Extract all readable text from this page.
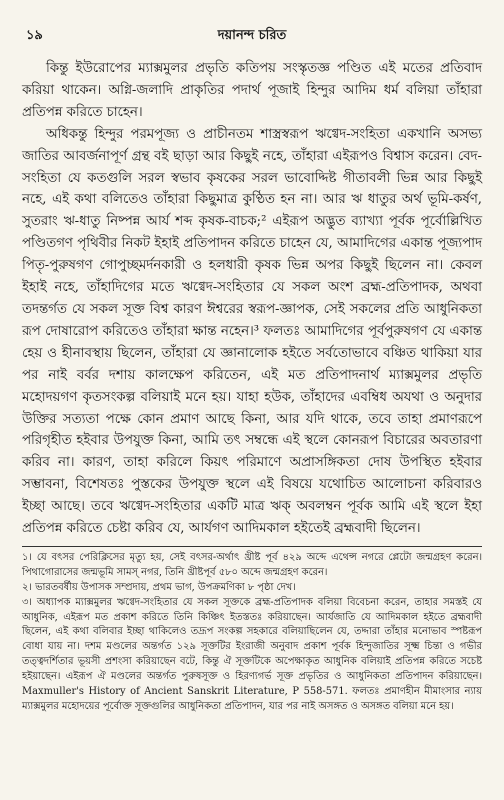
১৯	দয়ানন্দ চরিত

কিন্তু ইউরোপের ম্যাক্সমুলর প্রভৃতি কতিপয় সংস্কৃতজ্ঞ পণ্ডিত এই মতের প্রতিবাদ করিয়া থাকেন। অগ্নি-জলাদি প্রাকৃতির পদার্থ পূজাই হিন্দুর আদিম ধর্ম বলিয়া তাঁহারা প্রতিপন্ন করিতে চাহেন।

অধিকন্তু হিন্দুর পরমপূজ্য ও প্রাচীনতম শাস্ত্রস্বরূপ ঋগ্বেদ-সংহিতা একখানি অসভ্য জাতির আবর্জনাপূর্ণ গ্রন্থ বই ছাড়া আর কিছুই নহে, তাঁহারা এইরূপও বিশ্বাস করেন। বেদ-সংহিতা যে কতগুলি সরল স্বভাব কৃষকের সরল ভাবোদ্দিষ্ট গীতাবলী ভিন্ন আর কিছুই নহে, এই কথা বলিতেও তাঁহারা কিছুমাত্র কুণ্ঠিত হন না। আর ঋ ধাতুর অর্থ ভূমি-কর্ষণ, সুতরাং ঋ-ধাতু নিষ্পন্ন আর্য শব্দ কৃষক-বাচক;² এইরূপ অদ্ভুত ব্যাখ্যা পূর্বক পূর্বোল্লিখিত পণ্ডিতগণ পৃথিবীর নিকট ইহাই প্রতিপাদন করিতে চাহেন যে, আমাদিগের একান্ত পূজ্যপাদ পিতৃ-পুরুষগণ গোপুচ্ছমর্দনকারী ও হলধারী কৃষক ভিন্ন অপর কিছুই ছিলেন না। কেবল ইহাই নহে, তাঁহাদিগের মতে ঋগ্বেদ-সংহিতার যে সকল অংশ ব্রহ্ম-প্রতিপাদক, অথবা তদন্তর্গত যে সকল সূক্ত বিশ্ব কারণ ঈশ্বরের স্বরূপ-জ্ঞাপক, সেই সকলের প্রতি আধুনিকতা রূপ দোষারোপ করিতেও তাঁহারা ক্ষান্ত নহেন।³ ফলতঃ আমাদিগের পূর্বপুরুষগণ যে একান্ত হেয় ও হীনাবস্থায় ছিলেন, তাঁহারা যে জ্ঞানালোক হইতে সর্বতোভাবে বঞ্চিত থাকিয়া যার পর নাই বর্বর দশায় কালক্ষেপ করিতেন, এই মত প্রতিপাদনার্থ ম্যাক্সমুলর প্রভৃতি মহোদয়গণ কৃতসংকল্প বলিয়াই মনে হয়। যাহা হউক, তাঁহাদের এবম্বিধ অযথা ও অনুদার উক্তির সত্যতা পক্ষে কোন প্রমাণ আছে কিনা, আর যদি থাকে, তবে তাহা প্রমাণরূপে পরিগৃহীত হইবার উপযুক্ত কিনা, আমি তৎ সম্বন্ধে এই স্থলে কোনরূপ বিচারের অবতারণা করিব না। কারণ, তাহা করিলে কিয়ৎ পরিমাণে অপ্রাসঙ্গিকতা দোষ উপস্থিত হইবার সম্ভাবনা, বিশেষতঃ পুস্তকের উপযুক্ত স্থলে এই বিষয়ে যথোচিত আলোচনা করিবারও ইচ্ছা আছে। তবে ঋগ্বেদ-সংহিতার একটি মাত্র ঋক্ অবলম্বন পূর্বক আমি এই স্থলে ইহা প্রতিপন্ন করিতে চেষ্টা করিব যে, আর্যগণ আদিমকাল হইতেই ব্রহ্মবাদী ছিলেন।

১। যে বৎসর পেরিক্লিসের মৃত্যু হয়, সেই বৎসর-অর্থাৎ খ্রীষ্ট পূর্ব ৪২৯ অব্দে এথেন্স নগরে প্লেটো জন্মগ্রহণ করেন। পিথাগোরাসের জন্মভূমি সামস্ নগর, তিনি খ্রীষ্টপূর্ব ৫৮০ অব্দে জন্মগ্রহণ করেন।

২। ভারতবর্ষীয় উপাসক সম্প্রদায়, প্রথম ভাগ, উপক্রমণিকা ৮ পৃষ্ঠা দেখ।

৩। অধ্যাপক ম্যাক্সমুলর ঋগ্বেদ-সংহিতার যে সকল সূক্তকে ব্রহ্ম-প্রতিপাদক বলিয়া বিবেচনা করেন, তাহার সমস্তই যে আধুনিক, এইরূপ মত প্রকাশ করিতে তিনি কিঞ্চিৎ ইতস্ততঃ করিয়াছেন। আর্যজাতি যে আদিমকাল হইতে ব্রহ্মবাদী ছিলেন, এই কথা বলিবার ইচ্ছা থাকিলেও তদ্রূপ সংকল্প সহকারে বলিয়াছিলেন যে, তদ্দারা তাঁহার মনোভাব স্পষ্টরূপ বোধা যায় না। দশম মণ্ডলের অন্তর্গত ১২৯ সূক্তটির ইংরাজী অনুবাদ প্রকাশ পূর্বক হিন্দুজাতির সূক্ষ্ম চিন্তা ও গভীর তত্ত্বদর্শিতার ভূয়সী প্রশংসা করিয়াছেন বটে, কিন্তু ঐ সূক্তটিকে অপেক্ষাকৃত আধুনিক বলিয়াই প্রতিপন্ন করিতে সচেষ্ট হইয়াছেন। এইরূপ ঐ মণ্ডলের অন্তর্গত পুরুষসূক্ত ও হিরণ্যগর্ভ সূক্ত প্রভৃতির ও আধুনিকতা প্রতিপাদন করিয়াছেন। Maxmuller's History of Ancient Sanskrit Literature, P 558-571. ফলতঃ প্রমাণহীন মীমাংসার ন্যায় ম্যাক্সমুলর মহোদয়ের পূর্বোক্ত সূক্তগুলির আধুনিকতা প্রতিপাদন, যার পর নাই অসঙ্গত ও অসঙ্গত বলিয়া মনে হয়।
